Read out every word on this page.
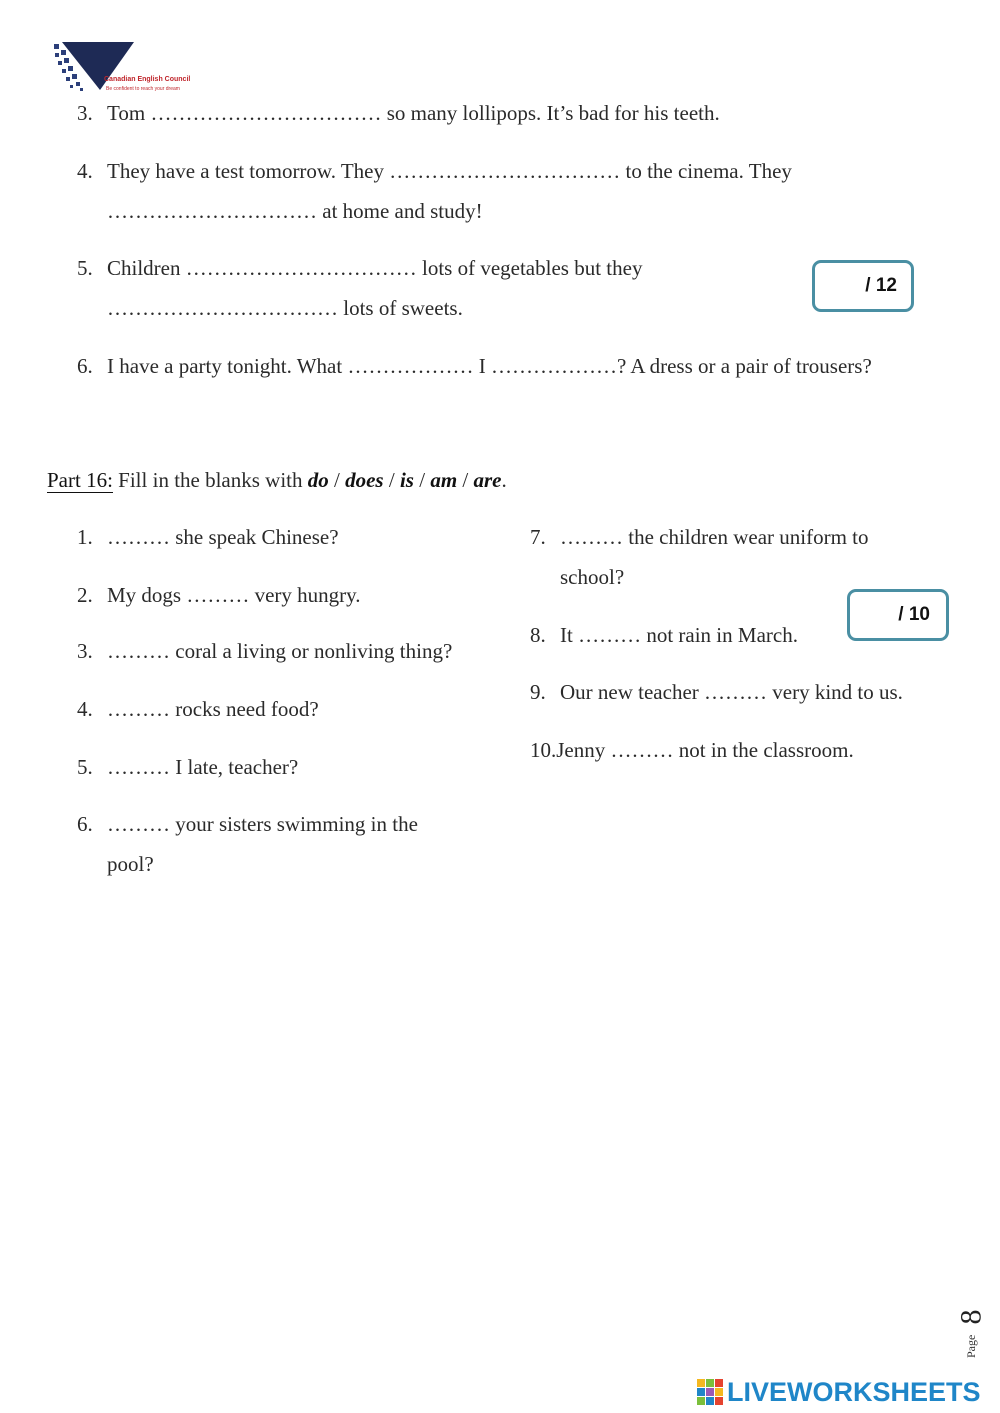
Canadian English Council
Be confident to reach your dream
3. Tom …………………………… so many lollipops. It’s bad for his teeth.
4. They have a test tomorrow. They …………………………… to the cinema. They
………………………… at home and study!
5. Children …………………………… lots of vegetables but they
…………………………… lots of sweets.
/ 12
6. I have a party tonight. What ……………… I ………………? A dress or a pair of trousers?
Part 16: Fill in the blanks with do / does / is / am / are.
1. ……… she speak Chinese?
2. My dogs ……… very hungry.
3. ……… coral a living or nonliving thing?
4. ……… rocks need food?
5. ……… I late, teacher?
6. ……… your sisters swimming in the
pool?
7. ……… the children wear uniform to
school?
/ 10
8. It ……… not rain in March.
9. Our new teacher ……… very kind to us.
10.Jenny ……… not in the classroom.
8
Page
LIVEWORKSHEETS
